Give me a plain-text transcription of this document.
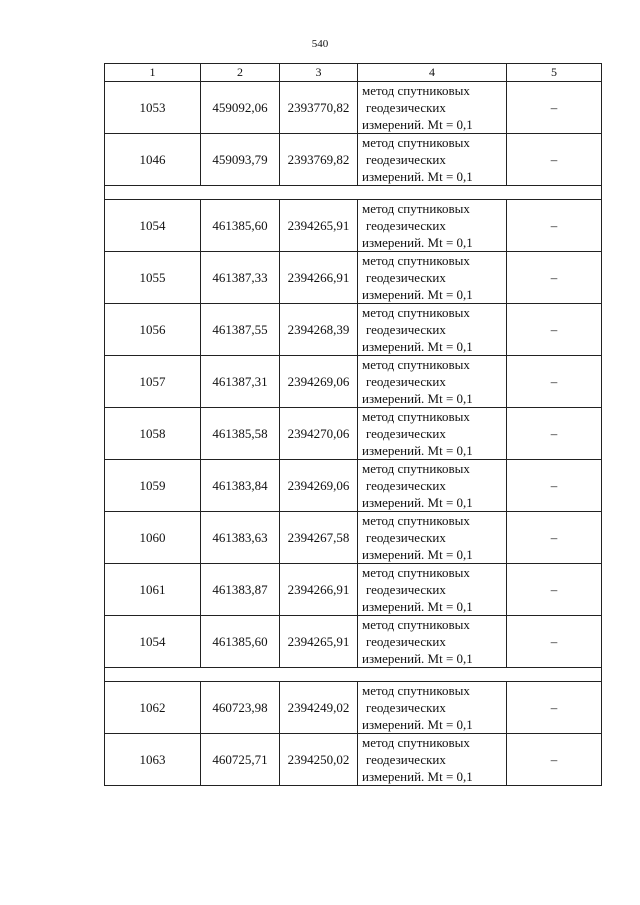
540
1	2	3	4	5
1053	459092,06	2393770,82	метод спутниковых
геодезических
измерений. Mt = 0,1	–
1046	459093,79	2393769,82	метод спутниковых
геодезических
измерений. Mt = 0,1	–

1054	461385,60	2394265,91	метод спутниковых
геодезических
измерений. Mt = 0,1	–
1055	461387,33	2394266,91	метод спутниковых
геодезических
измерений. Mt = 0,1	–
1056	461387,55	2394268,39	метод спутниковых
геодезических
измерений. Mt = 0,1	–
1057	461387,31	2394269,06	метод спутниковых
геодезических
измерений. Mt = 0,1	–
1058	461385,58	2394270,06	метод спутниковых
геодезических
измерений. Mt = 0,1	–
1059	461383,84	2394269,06	метод спутниковых
геодезических
измерений. Mt = 0,1	–
1060	461383,63	2394267,58	метод спутниковых
геодезических
измерений. Mt = 0,1	–
1061	461383,87	2394266,91	метод спутниковых
геодезических
измерений. Mt = 0,1	–
1054	461385,60	2394265,91	метод спутниковых
геодезических
измерений. Mt = 0,1	–

1062	460723,98	2394249,02	метод спутниковых
геодезических
измерений. Mt = 0,1	–
1063	460725,71	2394250,02	метод спутниковых
геодезических
измерений. Mt = 0,1	–
